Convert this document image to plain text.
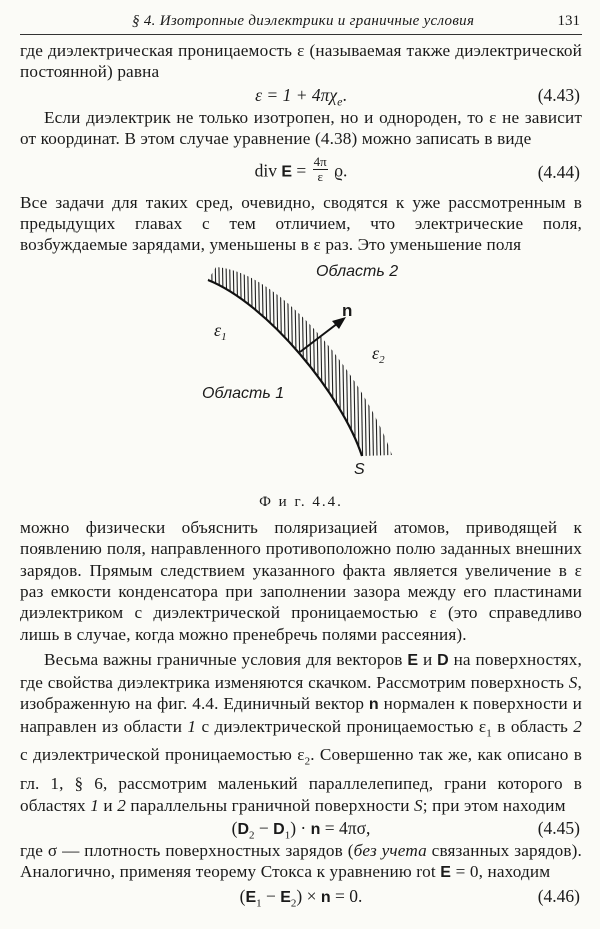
§ 4. Изотропные диэлектрики и граничные условия	131

где диэлектрическая проницаемость ε (называемая также диэлектрической постоянной) равна

$\varepsilon = 1 + 4\pi\chi_e$.	(4.43)

Если диэлектрик не только изотропен, но и однороден, то ε не зависит от координат. В этом случае уравнение (4.38) можно записать в виде

div $E = \frac{4\pi}{\varepsilon} ϱ$.	(4.44)

Все задачи для таких сред, очевидно, сводятся к уже рассмотренным в предыдущих главах с тем отличием, что электрические поля, возбуждаемые зарядами, уменьшены в ε раз. Это уменьшение поля

Область 2
Область 1
n
$\varepsilon_1$
$\varepsilon_2$
S
Ф и г. 4.4.

можно физически объяснить поляризацией атомов, приводящей к появлению поля, направленного противоположно полю заданных внешних зарядов. Прямым следствием указанного факта является увеличение в ε раз емкости конденсатора при заполнении зазора между его пластинами диэлектриком с диэлектрической проницаемостью ε (это справедливо лишь в случае, когда можно пренебречь полями рассеяния).

Весьма важны граничные условия для векторов E и D на поверхностях, где свойства диэлектрика изменяются скачком. Рассмотрим поверхность S, изображенную на фиг. 4.4. Единичный вектор n нормален к поверхности и направлен из области 1 с диэлектрической проницаемостью $\varepsilon_1$ в область 2 с диэлектрической проницаемостью $\varepsilon_2$. Совершенно так же, как описано в гл. 1, § 6, рассмотрим маленький параллелепипед, грани которого в областях 1 и 2 параллельны граничной поверхности S; при этом находим

$(D_2 - D_1) \cdot n = 4\pi\sigma$,	(4.45)

где σ — плотность поверхностных зарядов (без учета связанных зарядов). Аналогично, применяя теорему Стокса к уравнению rot E = 0, находим

$(E_1 - E_2) \times n = 0$.	(4.46)
